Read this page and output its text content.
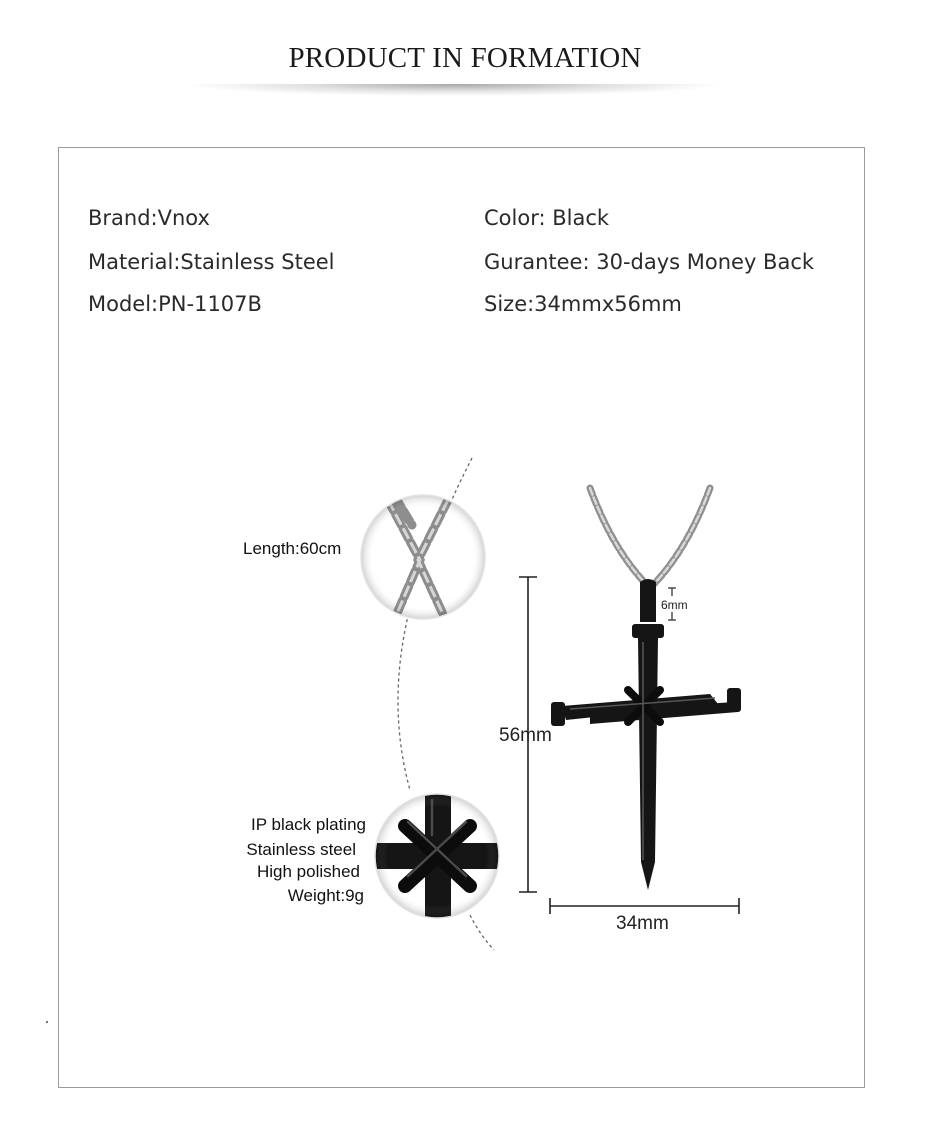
PRODUCT IN FORMATION
Brand:Vnox
Material:Stainless Steel
Model:PN-1107B
Color: Black
Gurantee: 30-days Money Back
Size:34mmx56mm
Length:60cm
IP black plating
Stainless steel
High polished
Weight:9g
56mm
34mm
6mm
